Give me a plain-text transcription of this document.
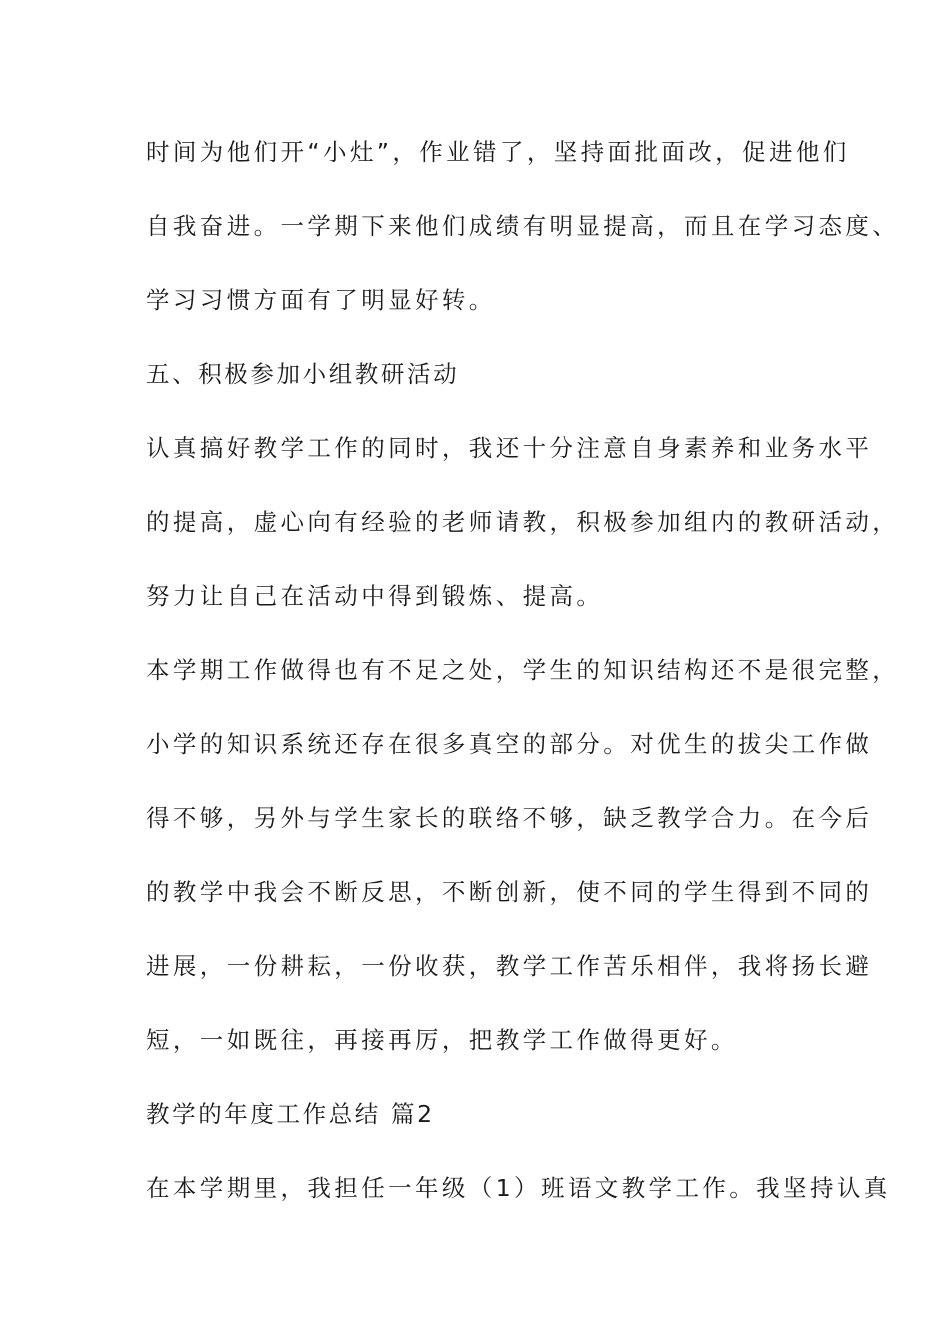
时间为他们开“小灶”，作业错了，坚持面批面改，促进他们
自我奋进。一学期下来他们成绩有明显提高，而且在学习态度、
学习习惯方面有了明显好转。
五、积极参加小组教研活动
认真搞好教学工作的同时，我还十分注意自身素养和业务水平
的提高，虚心向有经验的老师请教，积极参加组内的教研活动，
努力让自己在活动中得到锻炼、提高。
本学期工作做得也有不足之处，学生的知识结构还不是很完整，
小学的知识系统还存在很多真空的部分。对优生的拔尖工作做
得不够，另外与学生家长的联络不够，缺乏教学合力。在今后
的教学中我会不断反思，不断创新，使不同的学生得到不同的
进展，一份耕耘，一份收获，教学工作苦乐相伴，我将扬长避
短，一如既往，再接再厉，把教学工作做得更好。
教学的年度工作总结 篇2
在本学期里，我担任一年级（1）班语文教学工作。我坚持认真
